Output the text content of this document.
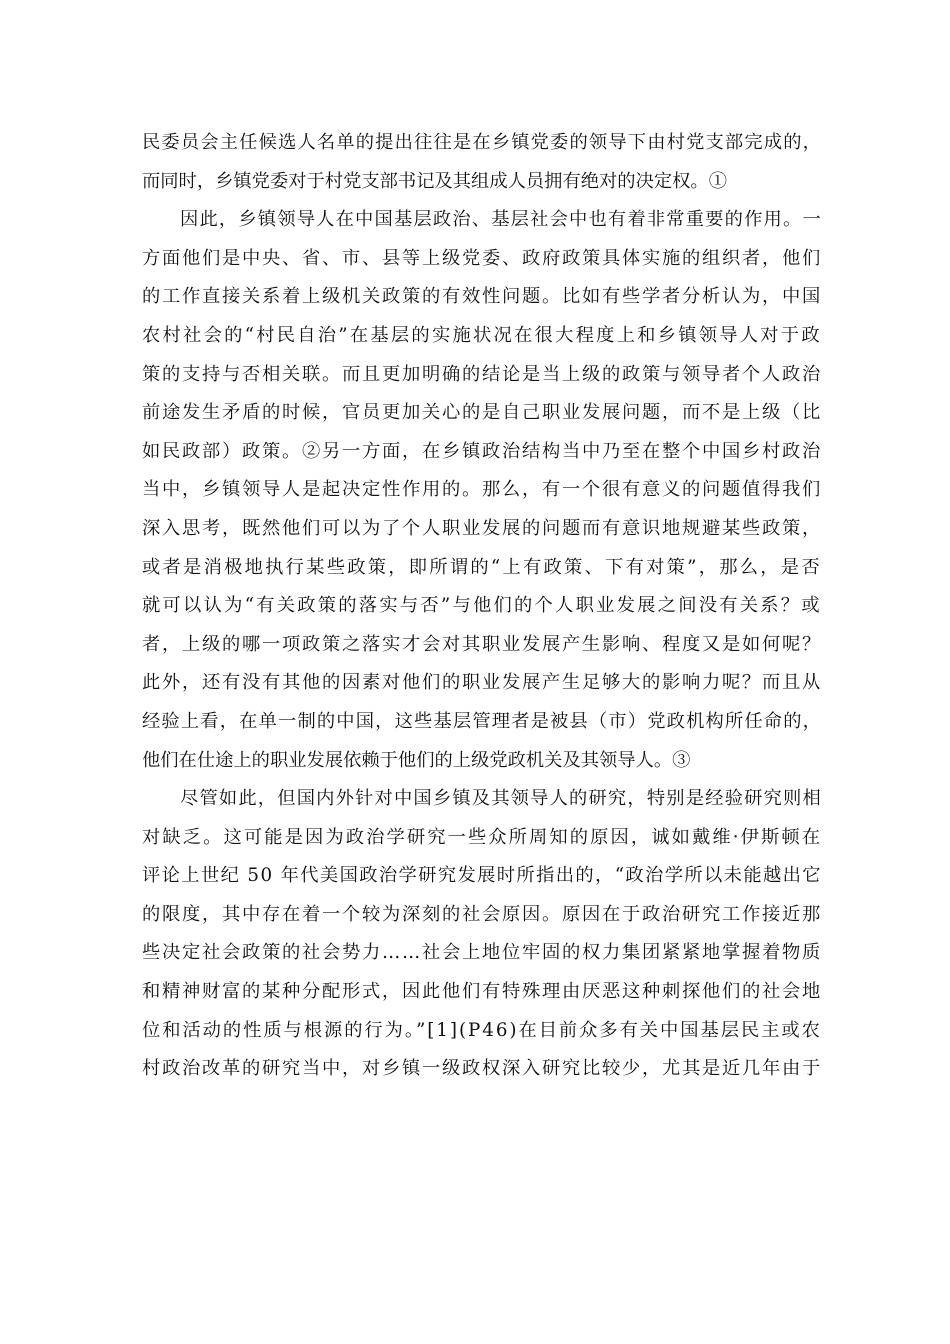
民委员会主任候选人名单的提出往往是在乡镇党委的领导下由村党支部完成的，
而同时，乡镇党委对于村党支部书记及其组成人员拥有绝对的决定权。①
因此，乡镇领导人在中国基层政治、基层社会中也有着非常重要的作用。一
方面他们是中央、省、市、县等上级党委、政府政策具体实施的组织者，他们
的工作直接关系着上级机关政策的有效性问题。比如有些学者分析认为，中国
农村社会的“村民自治”在基层的实施状况在很大程度上和乡镇领导人对于政
策的支持与否相关联。而且更加明确的结论是当上级的政策与领导者个人政治
前途发生矛盾的时候，官员更加关心的是自己职业发展问题，而不是上级（比
如民政部）政策。②另一方面，在乡镇政治结构当中乃至在整个中国乡村政治
当中，乡镇领导人是起决定性作用的。那么，有一个很有意义的问题值得我们
深入思考，既然他们可以为了个人职业发展的问题而有意识地规避某些政策，
或者是消极地执行某些政策，即所谓的“上有政策、下有对策”，那么，是否
就可以认为“有关政策的落实与否”与他们的个人职业发展之间没有关系？或
者，上级的哪一项政策之落实才会对其职业发展产生影响、程度又是如何呢？
此外，还有没有其他的因素对他们的职业发展产生足够大的影响力呢？而且从
经验上看，在单一制的中国，这些基层管理者是被县（市）党政机构所任命的，
他们在仕途上的职业发展依赖于他们的上级党政机关及其领导人。③
尽管如此，但国内外针对中国乡镇及其领导人的研究，特别是经验研究则相
对缺乏。这可能是因为政治学研究一些众所周知的原因，诚如戴维·伊斯顿在
评论上世纪 50 年代美国政治学研究发展时所指出的，“政治学所以未能越出它
的限度，其中存在着一个较为深刻的社会原因。原因在于政治研究工作接近那
些决定社会政策的社会势力……社会上地位牢固的权力集团紧紧地掌握着物质
和精神财富的某种分配形式，因此他们有特殊理由厌恶这种刺探他们的社会地
位和活动的性质与根源的行为。”[1](P46)在目前众多有关中国基层民主或农
村政治改革的研究当中，对乡镇一级政权深入研究比较少，尤其是近几年由于
